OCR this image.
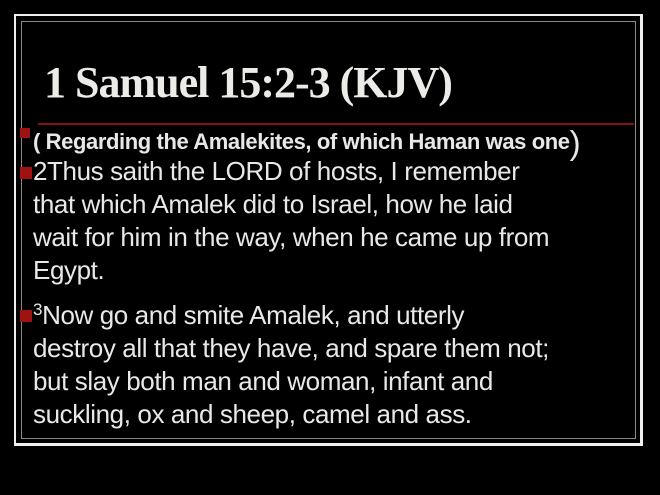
1 Samuel 15:2-3 (KJV)
( Regarding the Amalekites, of which Haman was one)
2Thus saith the LORD of hosts, I remember
that which Amalek did to Israel, how he laid
wait for him in the way, when he came up from
Egypt.
$^3$Now go and smite Amalek, and utterly
destroy all that they have, and spare them not;
but slay both man and woman, infant and
suckling, ox and sheep, camel and ass.
